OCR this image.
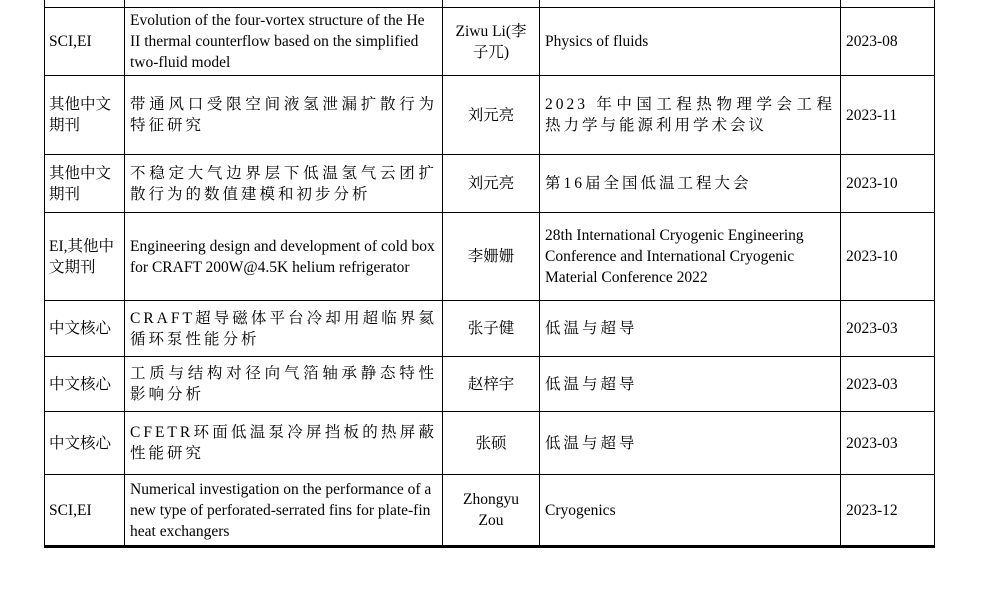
SCI,EI	Evolution of the four-vortex structure of the He II thermal counterflow based on the simplified two-fluid model	Ziwu Li(李子兀)	Physics of fluids	2023-08
其他中文期刊	带通风口受限空间液氢泄漏扩散行为特征研究	刘元亮	2023 年中国工程热物理学会工程热力学与能源利用学术会议	2023-11
其他中文期刊	不稳定大气边界层下低温氢气云团扩散行为的数值建模和初步分析	刘元亮	第16届全国低温工程大会	2023-10
EI,其他中文期刊	Engineering design and development of cold box for CRAFT 200W@4.5K helium refrigerator	李姗姗	28th International Cryogenic Engineering Conference and International Cryogenic Material Conference 2022	2023-10
中文核心	CRAFT超导磁体平台冷却用超临界氦循环泵性能分析	张子健	低温与超导	2023-03
中文核心	工质与结构对径向气箔轴承静态特性影响分析	赵梓宇	低温与超导	2023-03
中文核心	CFETR环面低温泵冷屏挡板的热屏蔽性能研究	张硕	低温与超导	2023-03
SCI,EI	Numerical investigation on the performance of a new type of perforated-serrated fins for plate-fin heat exchangers	Zhongyu Zou	Cryogenics	2023-12
